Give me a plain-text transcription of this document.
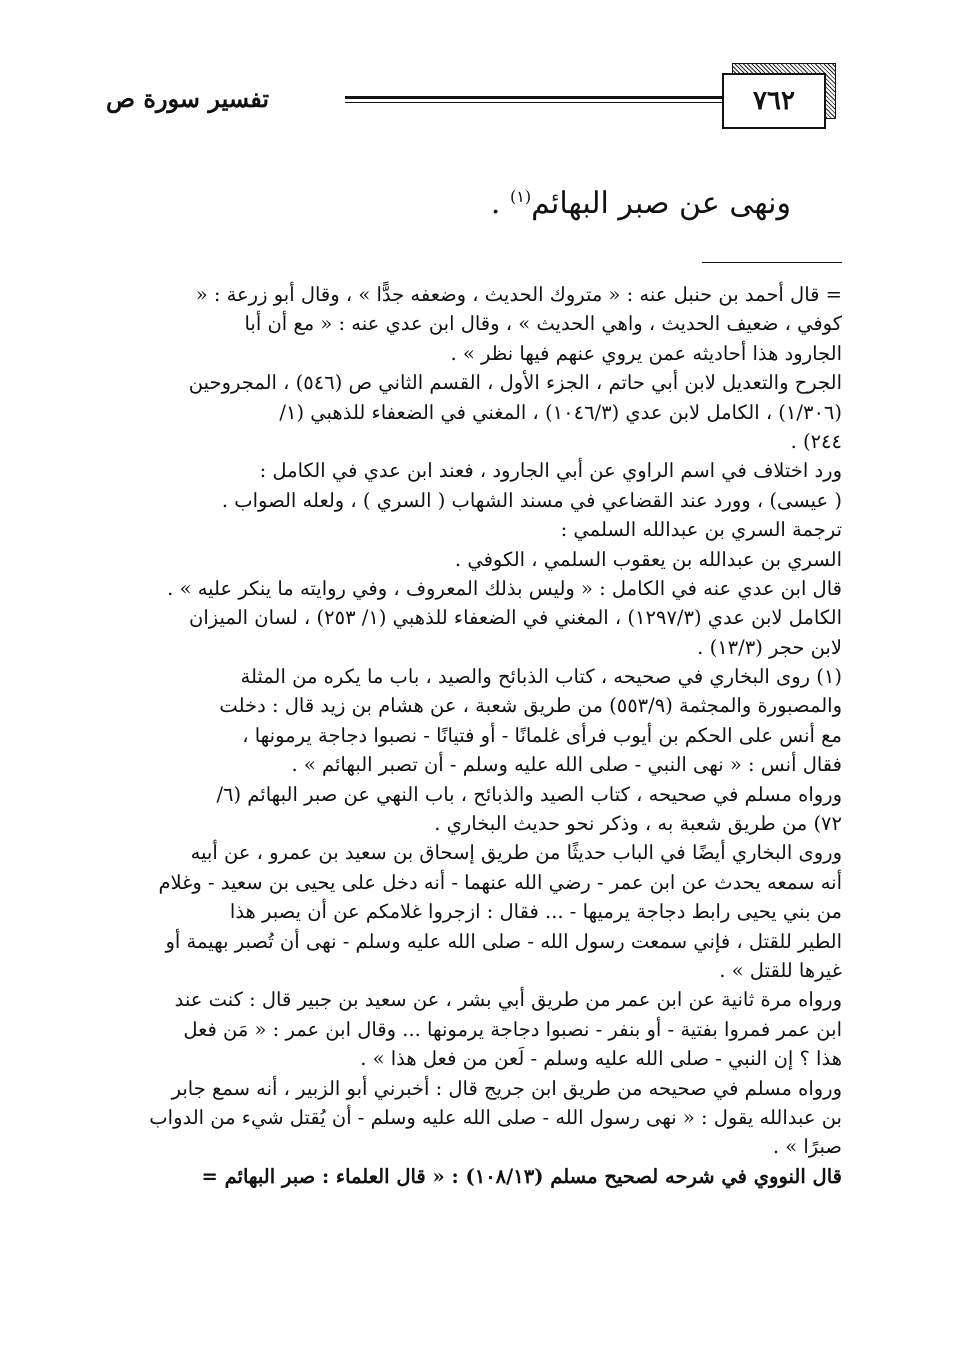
٧٦٢
تفسير سورة ص
ونهى عن صبر البهائم$^{(١)}$ .
= قال أحمد بن حنبل عنه : « متروك الحديث ، وضعفه جدًّا » ، وقال أبو زرعة : «
كوفي ، ضعيف الحديث ، واهي الحديث » ، وقال ابن عدي عنه : « مع أن أبا
الجارود هذا أحاديثه عمن يروي عنهم فيها نظر » .
الجرح والتعديل لابن أبي حاتم ، الجزء الأول ، القسم الثاني ص (٥٤٦) ، المجروحين
(١/٣٠٦) ، الكامل لابن عدي (١٠٤٦/٣) ، المغني في الضعفاء للذهبي (١/
٢٤٤) .
ورد اختلاف في اسم الراوي عن أبي الجارود ، فعند ابن عدي في الكامل :
( عيسى) ، وورد عند القضاعي في مسند الشهاب ( السري ) ، ولعله الصواب .
ترجمة السري بن عبدالله السلمي :
السري بن عبدالله بن يعقوب السلمي ، الكوفي .
قال ابن عدي عنه في الكامل : « وليس بذلك المعروف ، وفي روايته ما ينكر عليه » .
الكامل لابن عدي (١٢٩٧/٣) ، المغني في الضعفاء للذهبي (١/ ٢٥٣) ، لسان الميزان
لابن حجر (١٣/٣) .
(١) روى البخاري في صحيحه ، كتاب الذبائح والصيد ، باب ما يكره من المثلة
والمصبورة والمجثمة (٥٥٣/٩) من طريق شعبة ، عن هشام بن زيد قال : دخلت
مع أنس على الحكم بن أيوب فرأى غلمانًا - أو فتيانًا - نصبوا دجاجة يرمونها ،
فقال أنس : « نهى النبي - صلى الله عليه وسلم - أن تصبر البهائم » .
ورواه مسلم في صحيحه ، كتاب الصيد والذبائح ، باب النهي عن صبر البهائم (٦/
٧٢) من طريق شعبة به ، وذكر نحو حديث البخاري .
وروى البخاري أيضًا في الباب حديثًا من طريق إسحاق بن سعيد بن عمرو ، عن أبيه
أنه سمعه يحدث عن ابن عمر - رضي الله عنهما - أنه دخل على يحيى بن سعيد - وغلام
من بني يحيى رابط دجاجة يرميها - ... فقال : ازجروا غلامكم عن أن يصبر هذا
الطير للقتل ، فإني سمعت رسول الله - صلى الله عليه وسلم - نهى أن تُصبر بهيمة أو
غيرها للقتل » .
ورواه مرة ثانية عن ابن عمر من طريق أبي بشر ، عن سعيد بن جبير قال : كنت عند
ابن عمر فمروا بفتية - أو بنفر - نصبوا دجاجة يرمونها ... وقال ابن عمر : « مَن فعل
هذا ؟ إن النبي - صلى الله عليه وسلم - لَعن من فعل هذا » .
ورواه مسلم في صحيحه من طريق ابن جريج قال : أخبرني أبو الزبير ، أنه سمع جابر
بن عبدالله يقول : « نهى رسول الله - صلى الله عليه وسلم - أن يُقتل شيء من الدواب
صبرًا » .
قال النووي في شرحه لصحيح مسلم (١٠٨/١٣) : « قال العلماء : صبر البهائم =
